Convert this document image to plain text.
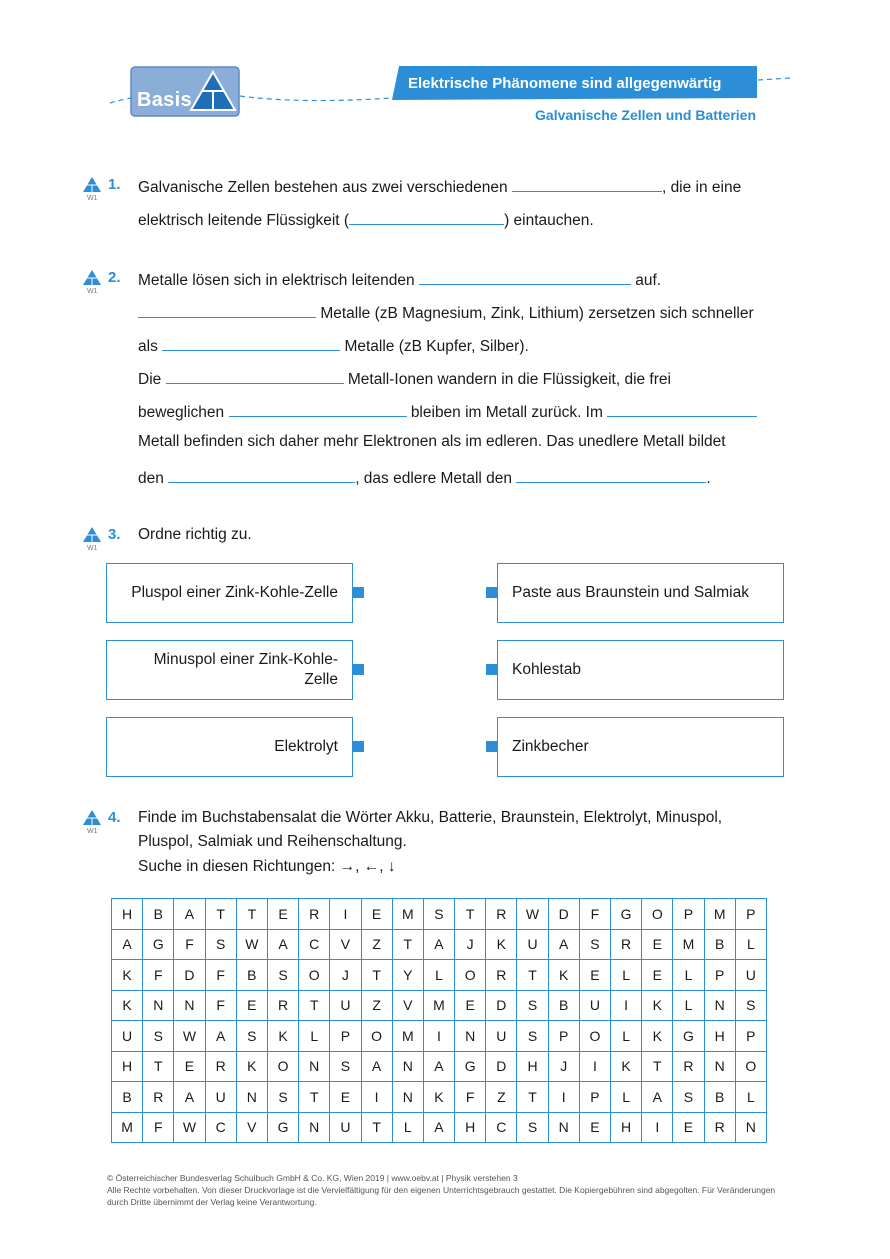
Basis
Elektrische Phänomene sind allgegenwärtig
Galvanische Zellen und Batterien
W1
W1
W1
W1
1. Galvanische Zellen bestehen aus zwei verschiedenen	, die in eine
elektrisch leitende Flüssigkeit (	) eintauchen.
2. Metalle lösen sich in elektrisch leitenden	auf.
Metalle (zB Magnesium, Zink, Lithium) zersetzen sich schneller
als	Metalle (zB Kupfer, Silber).
Die	Metall-Ionen wandern in die Flüssigkeit, die frei
beweglichen	bleiben im Metall zurück. Im
Metall befinden sich daher mehr Elektronen als im edleren. Das unedlere Metall bildet
den	, das edlere Metall den	.
3. Ordne richtig zu.
Pluspol einer Zink-Kohle-Zelle
Minuspol einer Zink-Kohle-
Zelle
Elektrolyt
Paste aus Braunstein und Salmiak
Kohlestab
Zinkbecher
4. Finde im Buchstabensalat die Wörter Akku, Batterie, Braunstein, Elektrolyt, Minuspol,
Pluspol, Salmiak und Reihenschaltung.
Suche in diesen Richtungen: →, ←, ↓
H	B	A	T	T	E	R	I	E	M	S	T	R	W	D	F	G	O	P	M	P
A	G	F	S	W	A	C	V	Z	T	A	J	K	U	A	S	R	E	M	B	L
K	F	D	F	B	S	O	J	T	Y	L	O	R	T	K	E	L	E	L	P	U
K	N	N	F	E	R	T	U	Z	V	M	E	D	S	B	U	I	K	L	N	S
U	S	W	A	S	K	L	P	O	M	I	N	U	S	P	O	L	K	G	H	P
H	T	E	R	K	O	N	S	A	N	A	G	D	H	J	I	K	T	R	N	O
B	R	A	U	N	S	T	E	I	N	K	F	Z	T	I	P	L	A	S	B	L
M	F	W	C	V	G	N	U	T	L	A	H	C	S	N	E	H	I	E	R	N
© Österreichischer Bundesverlag Schulbuch GmbH & Co. KG, Wien 2019 | www.oebv.at | Physik verstehen 3
Alle Rechte vorbehalten. Von dieser Druckvorlage ist die Vervielfältigung für den eigenen Unterrichtsgebrauch gestattet. Die Kopiergebühren sind abgegolten. Für Veränderungen durch Dritte übernimmt der Verlag keine Verantwortung.
